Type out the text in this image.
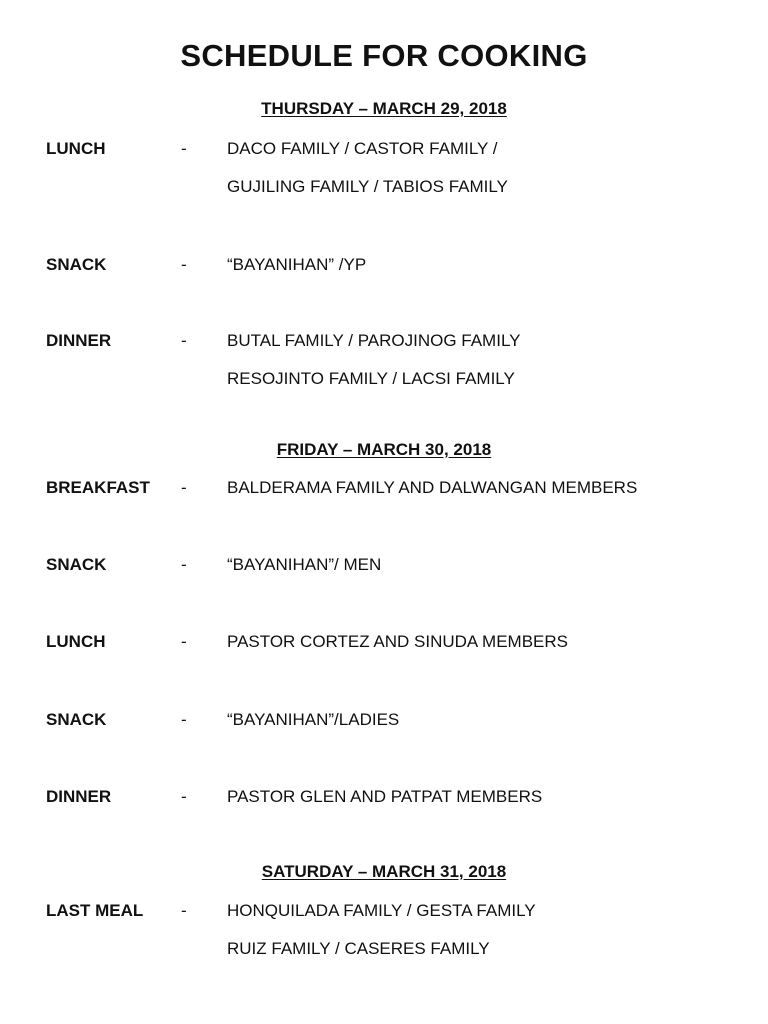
SCHEDULE FOR COOKING
THURSDAY – MARCH 29, 2018
LUNCH	- DACO FAMILY / CASTOR FAMILY /
GUJILING FAMILY / TABIOS FAMILY
SNACK	- “BAYANIHAN” /YP
DINNER	- BUTAL FAMILY / PAROJINOG FAMILY
RESOJINTO FAMILY / LACSI FAMILY
FRIDAY – MARCH 30, 2018
BREAKFAST - BALDERAMA FAMILY AND DALWANGAN MEMBERS
SNACK	- “BAYANIHAN”/ MEN
LUNCH	- PASTOR CORTEZ AND SINUDA MEMBERS
SNACK	- “BAYANIHAN”/LADIES
DINNER	- PASTOR GLEN AND PATPAT MEMBERS
SATURDAY – MARCH 31, 2018
LAST MEAL - HONQUILADA FAMILY / GESTA FAMILY
RUIZ FAMILY / CASERES FAMILY
